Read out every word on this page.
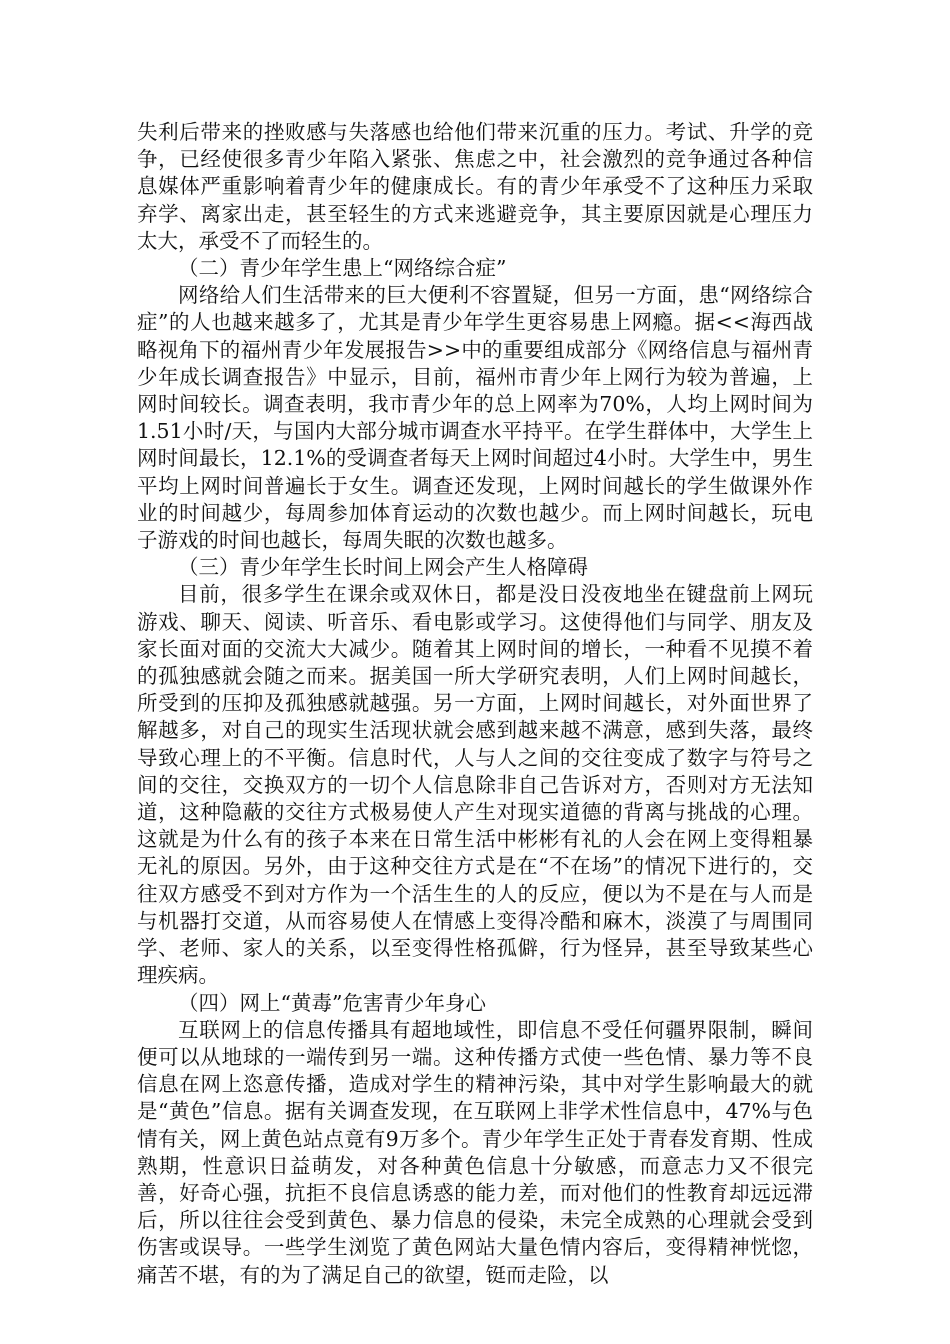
失利后带来的挫败感与失落感也给他们带来沉重的压力。考试、升学的竞争，已经使很多青少年陷入紧张、焦虑之中，社会激烈的竞争通过各种信息媒体严重影响着青少年的健康成长。有的青少年承受不了这种压力采取弃学、离家出走，甚至轻生的方式来逃避竞争，其主要原因就是心理压力太大，承受不了而轻生的。

（二）青少年学生患上“网络综合症”

网络给人们生活带来的巨大便利不容置疑，但另一方面，患“网络综合症”的人也越来越多了，尤其是青少年学生更容易患上网瘾。据<<海西战略视角下的福州青少年发展报告>>中的重要组成部分《网络信息与福州青少年成长调查报告》中显示，目前，福州市青少年上网行为较为普遍，上网时间较长。调查表明，我市青少年的总上网率为70%，人均上网时间为1.51小时/天，与国内大部分城市调查水平持平。在学生群体中，大学生上网时间最长，12.1%的受调查者每天上网时间超过4小时。大学生中，男生平均上网时间普遍长于女生。调查还发现，上网时间越长的学生做课外作业的时间越少，每周参加体育运动的次数也越少。而上网时间越长，玩电子游戏的时间也越长，每周失眠的次数也越多。

（三）青少年学生长时间上网会产生人格障碍

目前，很多学生在课余或双休日，都是没日没夜地坐在键盘前上网玩游戏、聊天、阅读、听音乐、看电影或学习。这使得他们与同学、朋友及家长面对面的交流大大减少。随着其上网时间的增长，一种看不见摸不着的孤独感就会随之而来。据美国一所大学研究表明，人们上网时间越长，所受到的压抑及孤独感就越强。另一方面，上网时间越长，对外面世界了解越多，对自己的现实生活现状就会感到越来越不满意，感到失落，最终导致心理上的不平衡。信息时代，人与人之间的交往变成了数字与符号之间的交往，交换双方的一切个人信息除非自己告诉对方，否则对方无法知道，这种隐蔽的交往方式极易使人产生对现实道德的背离与挑战的心理。这就是为什么有的孩子本来在日常生活中彬彬有礼的人会在网上变得粗暴无礼的原因。另外，由于这种交往方式是在“不在场”的情况下进行的，交往双方感受不到对方作为一个活生生的人的反应，便以为不是在与人而是与机器打交道，从而容易使人在情感上变得冷酷和麻木，淡漠了与周围同学、老师、家人的关系，以至变得性格孤僻，行为怪异，甚至导致某些心理疾病。

（四）网上“黄毒”危害青少年身心

互联网上的信息传播具有超地域性，即信息不受任何疆界限制，瞬间便可以从地球的一端传到另一端。这种传播方式使一些色情、暴力等不良信息在网上恣意传播，造成对学生的精神污染，其中对学生影响最大的就是“黄色”信息。据有关调查发现，在互联网上非学术性信息中，47%与色情有关，网上黄色站点竟有9万多个。青少年学生正处于青春发育期、性成熟期，性意识日益萌发，对各种黄色信息十分敏感，而意志力又不很完善，好奇心强，抗拒不良信息诱惑的能力差，而对他们的性教育却远远滞后，所以往往会受到黄色、暴力信息的侵染，未完全成熟的心理就会受到伤害或误导。一些学生浏览了黄色网站大量色情内容后，变得精神恍惚，痛苦不堪，有的为了满足自己的欲望，铤而走险，以
